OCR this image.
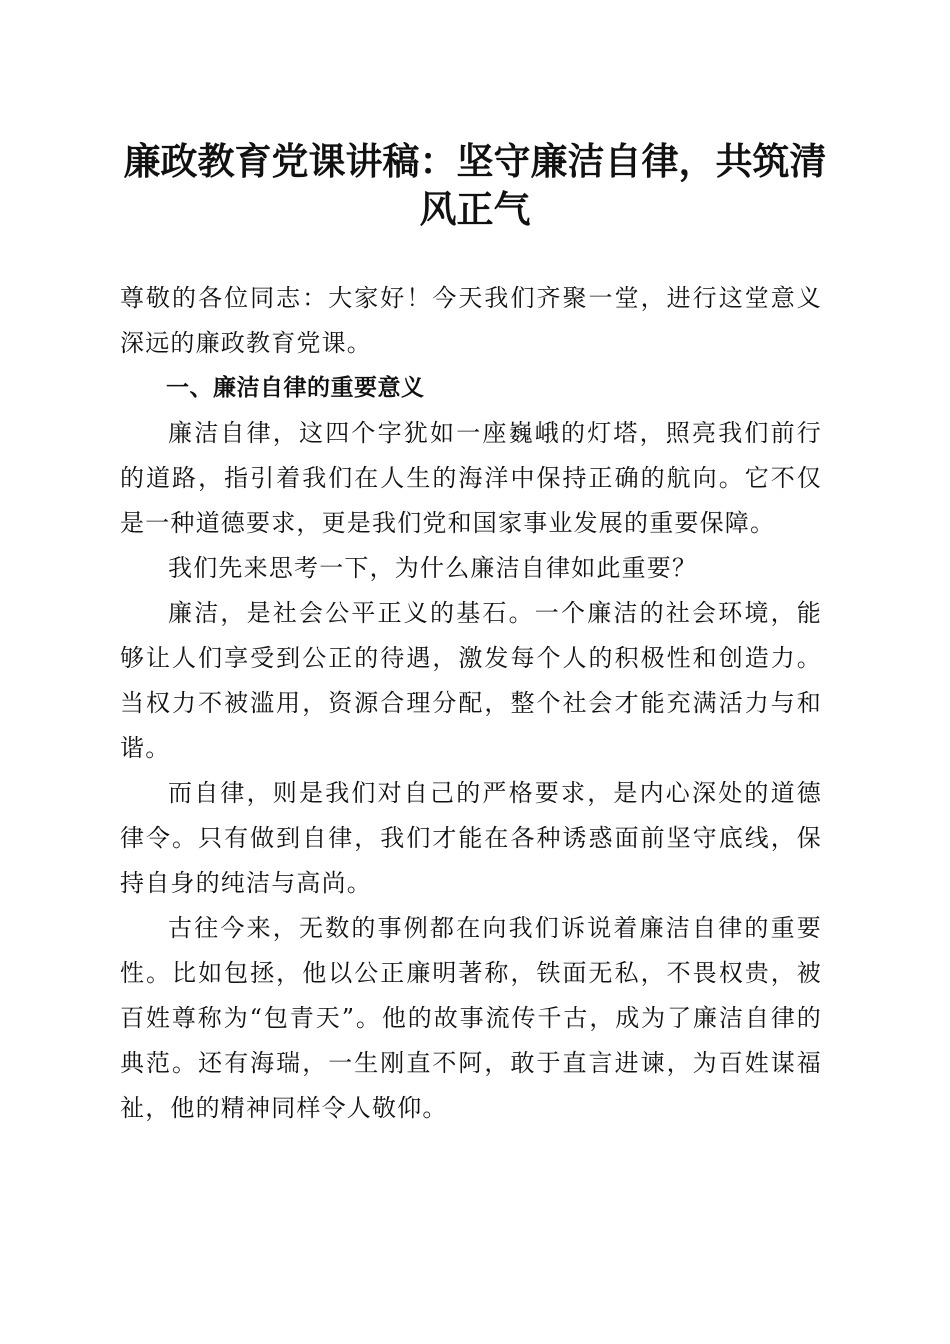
廉政教育党课讲稿：坚守廉洁自律，共筑清风正气

尊敬的各位同志：大家好！今天我们齐聚一堂，进行这堂意义深远的廉政教育党课。

一、廉洁自律的重要意义

廉洁自律，这四个字犹如一座巍峨的灯塔，照亮我们前行的道路，指引着我们在人生的海洋中保持正确的航向。它不仅是一种道德要求，更是我们党和国家事业发展的重要保障。

我们先来思考一下，为什么廉洁自律如此重要？

廉洁，是社会公平正义的基石。一个廉洁的社会环境，能够让人们享受到公正的待遇，激发每个人的积极性和创造力。当权力不被滥用，资源合理分配，整个社会才能充满活力与和谐。

而自律，则是我们对自己的严格要求，是内心深处的道德律令。只有做到自律，我们才能在各种诱惑面前坚守底线，保持自身的纯洁与高尚。

古往今来，无数的事例都在向我们诉说着廉洁自律的重要性。比如包拯，他以公正廉明著称，铁面无私，不畏权贵，被百姓尊称为“包青天”。他的故事流传千古，成为了廉洁自律的典范。还有海瑞，一生刚直不阿，敢于直言进谏，为百姓谋福祉，他的精神同样令人敬仰。
